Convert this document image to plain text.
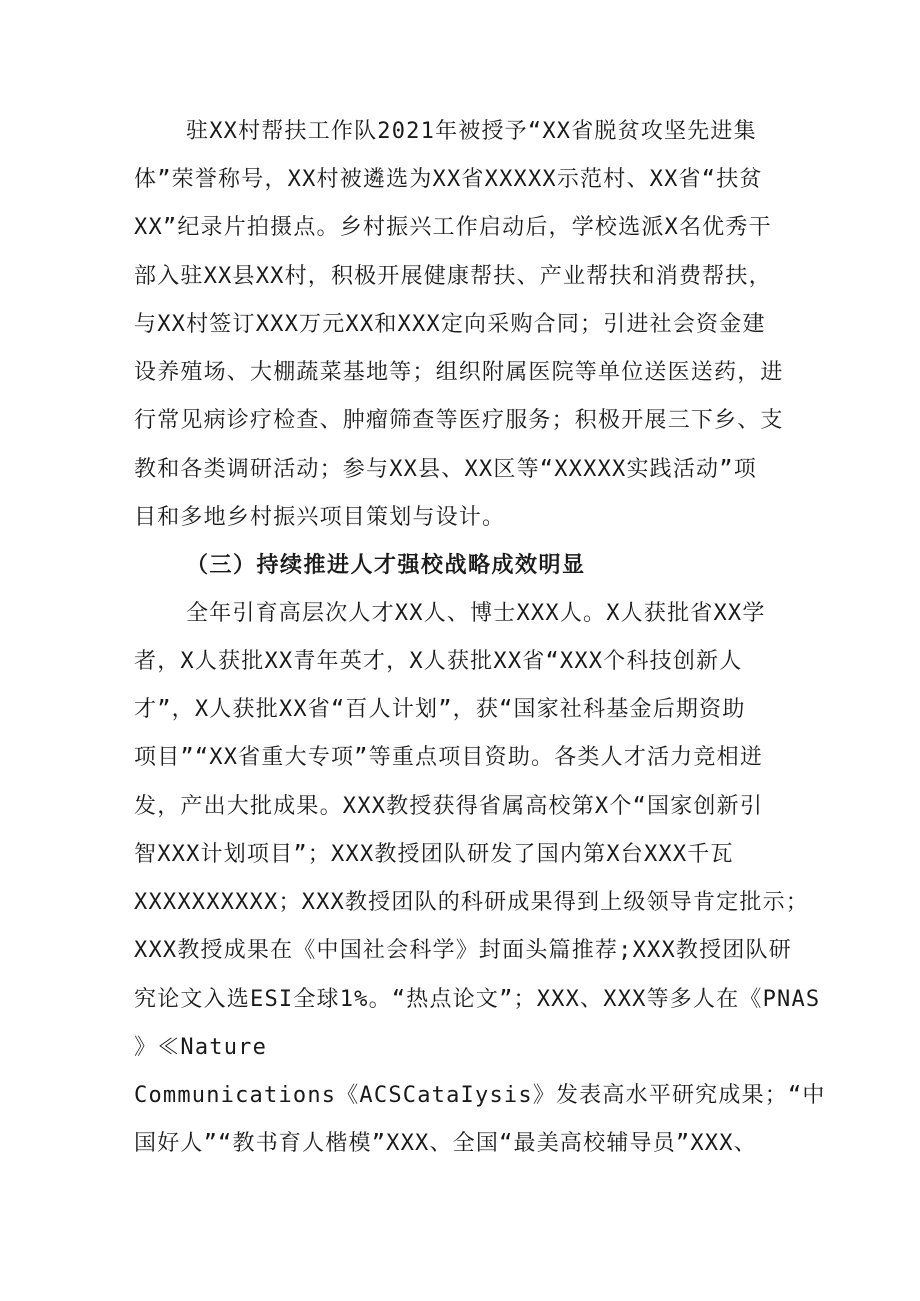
驻XX村帮扶工作队2021年被授予“XX省脱贫攻坚先进集
体”荣誉称号，XX村被遴选为XX省XXXXX示范村、XX省“扶贫
XX”纪录片拍摄点。乡村振兴工作启动后，学校选派X名优秀干
部入驻XX县XX村，积极开展健康帮扶、产业帮扶和消费帮扶，
与XX村签订XXX万元XX和XXX定向采购合同；引进社会资金建
设养殖场、大棚蔬菜基地等；组织附属医院等单位送医送药，进
行常见病诊疗检查、肿瘤筛查等医疗服务；积极开展三下乡、支
教和各类调研活动；参与XX县、XX区等“XXXXX实践活动”项
目和多地乡村振兴项目策划与设计。
（三）持续推进人才强校战略成效明显
全年引育高层次人才XX人、博士XXX人。X人获批省XX学
者，X人获批XX青年英才，X人获批XX省“XXX个科技创新人
才”，X人获批XX省“百人计划”，获“国家社科基金后期资助
项目”“XX省重大专项”等重点项目资助。各类人才活力竞相迸
发，产出大批成果。XXX教授获得省属高校第X个“国家创新引
智XXX计划项目”；XXX教授团队研发了国内第X台XXX千瓦
XXXXXXXXXX；XXX教授团队的科研成果得到上级领导肯定批示；
XXX教授成果在《中国社会科学》封面头篇推荐;XXX教授团队研
究论文入选ESI全球1%。“热点论文”；XXX、XXX等多人在《PNAS
》≪Nature
Communications《ACSCataIysis》发表高水平研究成果；“中
国好人”“教书育人楷模”XXX、全国“最美高校辅导员”XXX、
